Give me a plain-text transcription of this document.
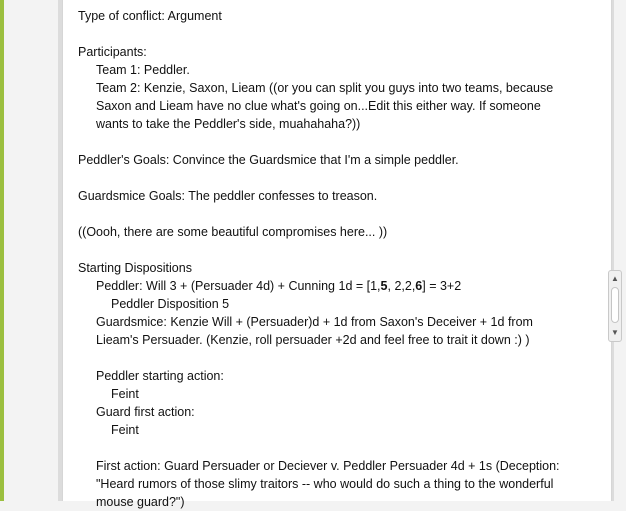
Type of conflict: Argument
Participants:
Team 1: Peddler.
Team 2: Kenzie, Saxon, Lieam ((or you can split you guys into two teams, because
Saxon and Lieam have no clue what's going on...Edit this either way. If someone
wants to take the Peddler's side, muahahaha?))
Peddler's Goals: Convince the Guardsmice that I'm a simple peddler.
Guardsmice Goals: The peddler confesses to treason.
((Oooh, there are some beautiful compromises here... ))
Starting Dispositions
Peddler: Will 3 + (Persuader 4d) + Cunning 1d = [1,5, 2,2,6] = 3+2
Peddler Disposition 5
Guardsmice: Kenzie Will + (Persuader)d + 1d from Saxon's Deceiver + 1d from
Lieam's Persuader. (Kenzie, roll persuader +2d and feel free to trait it down :) )
Peddler starting action:
Feint
Guard first action:
Feint
First action: Guard Persuader or Deciever v. Peddler Persuader 4d + 1s (Deception:
"Heard rumors of those slimy traitors -- who would do such a thing to the wonderful
mouse guard?")
▲
▼
